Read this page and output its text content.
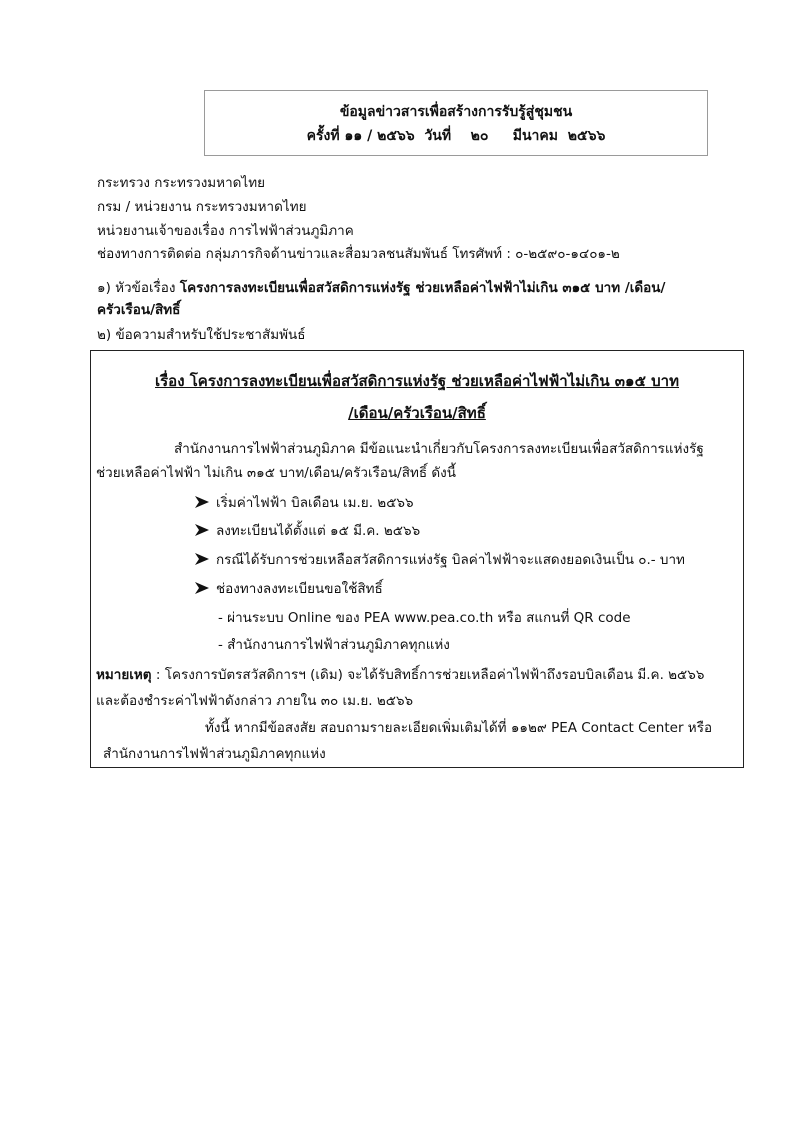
ข้อมูลข่าวสารเพื่อสร้างการรับรู้สู่ชุมชน
ครั้งที่ ๑๑ / ๒๕๖๖  วันที่    ๒๐     มีนาคม  ๒๕๖๖
กระทรวง กระทรวงมหาดไทย
กรม / หน่วยงาน กระทรวงมหาดไทย
หน่วยงานเจ้าของเรื่อง การไฟฟ้าส่วนภูมิภาค
ช่องทางการติดต่อ กลุ่มภารกิจด้านข่าวและสื่อมวลชนสัมพันธ์ โทรศัพท์ : ๐-๒๕๙๐-๑๔๐๑-๒
๑) หัวข้อเรื่อง โครงการลงทะเบียนเพื่อสวัสดิการแห่งรัฐ ช่วยเหลือค่าไฟฟ้าไม่เกิน ๓๑๕ บาท /เดือน/
ครัวเรือน/สิทธิ์
๒) ข้อความสำหรับใช้ประชาสัมพันธ์
เรื่อง โครงการลงทะเบียนเพื่อสวัสดิการแห่งรัฐ ช่วยเหลือค่าไฟฟ้าไม่เกิน ๓๑๕ บาท
/เดือน/ครัวเรือน/สิทธิ์
สำนักงานการไฟฟ้าส่วนภูมิภาค มีข้อแนะนำเกี่ยวกับโครงการลงทะเบียนเพื่อสวัสดิการแห่งรัฐ
ช่วยเหลือค่าไฟฟ้า ไม่เกิน ๓๑๕ บาท/เดือน/ครัวเรือน/สิทธิ์ ดังนี้
เริ่มค่าไฟฟ้า บิลเดือน เม.ย. ๒๕๖๖
ลงทะเบียนได้ตั้งแต่ ๑๕ มี.ค. ๒๕๖๖
กรณีได้รับการช่วยเหลือสวัสดิการแห่งรัฐ บิลค่าไฟฟ้าจะแสดงยอดเงินเป็น ๐.- บาท
ช่องทางลงทะเบียนขอใช้สิทธิ์
- ผ่านระบบ Online ของ PEA www.pea.co.th หรือ สแกนที่ QR code
- สำนักงานการไฟฟ้าส่วนภูมิภาคทุกแห่ง
หมายเหตุ : โครงการบัตรสวัสดิการฯ (เดิม) จะได้รับสิทธิ์การช่วยเหลือค่าไฟฟ้าถึงรอบบิลเดือน มี.ค. ๒๕๖๖
และต้องชำระค่าไฟฟ้าดังกล่าว ภายใน ๓๐ เม.ย. ๒๕๖๖
ทั้งนี้ หากมีข้อสงสัย สอบถามรายละเอียดเพิ่มเติมได้ที่ ๑๑๒๙ PEA Contact Center หรือ
สำนักงานการไฟฟ้าส่วนภูมิภาคทุกแห่ง
